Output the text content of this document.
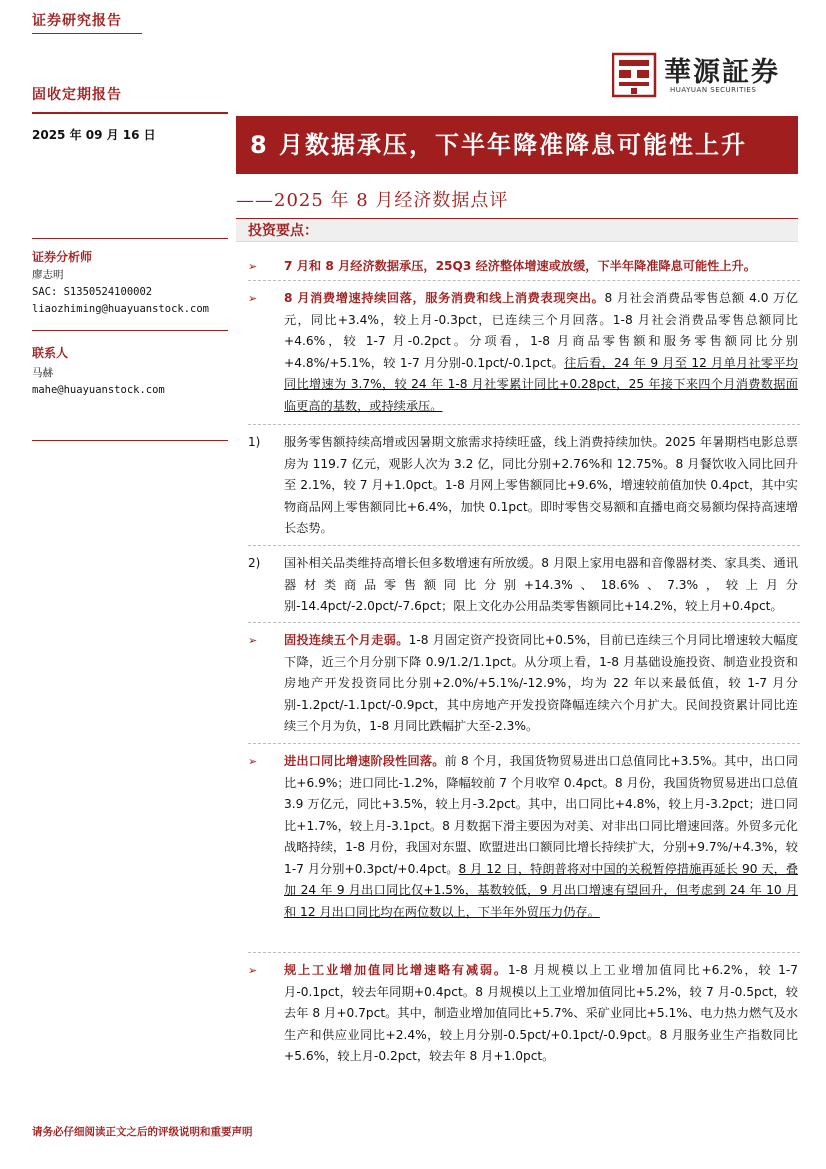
证券研究报告
華源証券
HUAYUAN SECURITIES
固收定期报告
2025 年 09 月 16 日	8 月数据承压，下半年降准降息可能性上升
——2025 年 8 月经济数据点评
投资要点：
证券分析师
廖志明
SAC: S1350524100002
liaozhiming@huayuanstock.com
联系人
马赫
mahe@huayuanstock.com
➢ 7 月和 8 月经济数据承压，25Q3 经济整体增速或放缓，下半年降准降息可能性上升。
➢ 8 月消费增速持续回落，服务消费和线上消费表现突出。8 月社会消费品零售总额 4.0 万亿元，同比+3.4%，较上月-0.3pct，已连续三个月回落。1-8 月社会消费品零售总额同比+4.6%，较 1-7 月-0.2pct。分项看，1-8 月商品零售额和服务零售额同比分别+4.8%/+5.1%，较 1-7 月分别-0.1pct/-0.1pct。往后看，24 年 9 月至 12 月单月社零平均同比增速为 3.7%，较 24 年 1-8 月社零累计同比+0.28pct，25 年接下来四个月消费数据面临更高的基数，或持续承压。
1) 服务零售额持续高增或因暑期文旅需求持续旺盛，线上消费持续加快。2025 年暑期档电影总票房为 119.7 亿元，观影人次为 3.2 亿，同比分别+2.76%和 12.75%。8 月餐饮收入同比回升至 2.1%，较 7 月+1.0pct。1-8 月网上零售额同比+9.6%，增速较前值加快 0.4pct，其中实物商品网上零售额同比+6.4%，加快 0.1pct。即时零售交易额和直播电商交易额均保持高速增长态势。
2) 国补相关品类维持高增长但多数增速有所放缓。8 月限上家用电器和音像器材类、家具类、通讯器材类商品零售额同比分别+14.3%、18.6%、7.3%，较上月分别-14.4pct/-2.0pct/-7.6pct；限上文化办公用品类零售额同比+14.2%，较上月+0.4pct。
➢ 固投连续五个月走弱。1-8 月固定资产投资同比+0.5%，目前已连续三个月同比增速较大幅度下降，近三个月分别下降 0.9/1.2/1.1pct。从分项上看，1-8 月基础设施投资、制造业投资和房地产开发投资同比分别+2.0%/+5.1%/-12.9%，均为 22 年以来最低值，较 1-7 月分别-1.2pct/-1.1pct/-0.9pct，其中房地产开发投资降幅连续六个月扩大。民间投资累计同比连续三个月为负，1-8 月同比跌幅扩大至-2.3%。
➢ 进出口同比增速阶段性回落。前 8 个月，我国货物贸易进出口总值同比+3.5%。其中，出口同比+6.9%；进口同比-1.2%，降幅较前 7 个月收窄 0.4pct。8 月份，我国货物贸易进出口总值 3.9 万亿元，同比+3.5%，较上月-3.2pct。其中，出口同比+4.8%，较上月-3.2pct；进口同比+1.7%，较上月-3.1pct。8 月数据下滑主要因为对美、对非出口同比增速回落。外贸多元化战略持续，1-8 月份，我国对东盟、欧盟进出口额同比增长持续扩大，分别+9.7%/+4.3%，较 1-7 月分别+0.3pct/+0.4pct。8 月 12 日，特朗普将对中国的关税暂停措施再延长 90 天，叠加 24 年 9 月出口同比仅+1.5%，基数较低，9 月出口增速有望回升，但考虑到 24 年 10 月和 12 月出口同比均在两位数以上，下半年外贸压力仍存。
➢ 规上工业增加值同比增速略有减弱。1-8 月规模以上工业增加值同比+6.2%，较 1-7 月-0.1pct，较去年同期+0.4pct。8 月规模以上工业增加值同比+5.2%，较 7 月-0.5pct，较去年 8 月+0.7pct。其中，制造业增加值同比+5.7%、采矿业同比+5.1%、电力热力燃气及水生产和供应业同比+2.4%，较上月分别-0.5pct/+0.1pct/-0.9pct。8 月服务业生产指数同比+5.6%，较上月-0.2pct，较去年 8 月+1.0pct。
请务必仔细阅读正文之后的评级说明和重要声明
